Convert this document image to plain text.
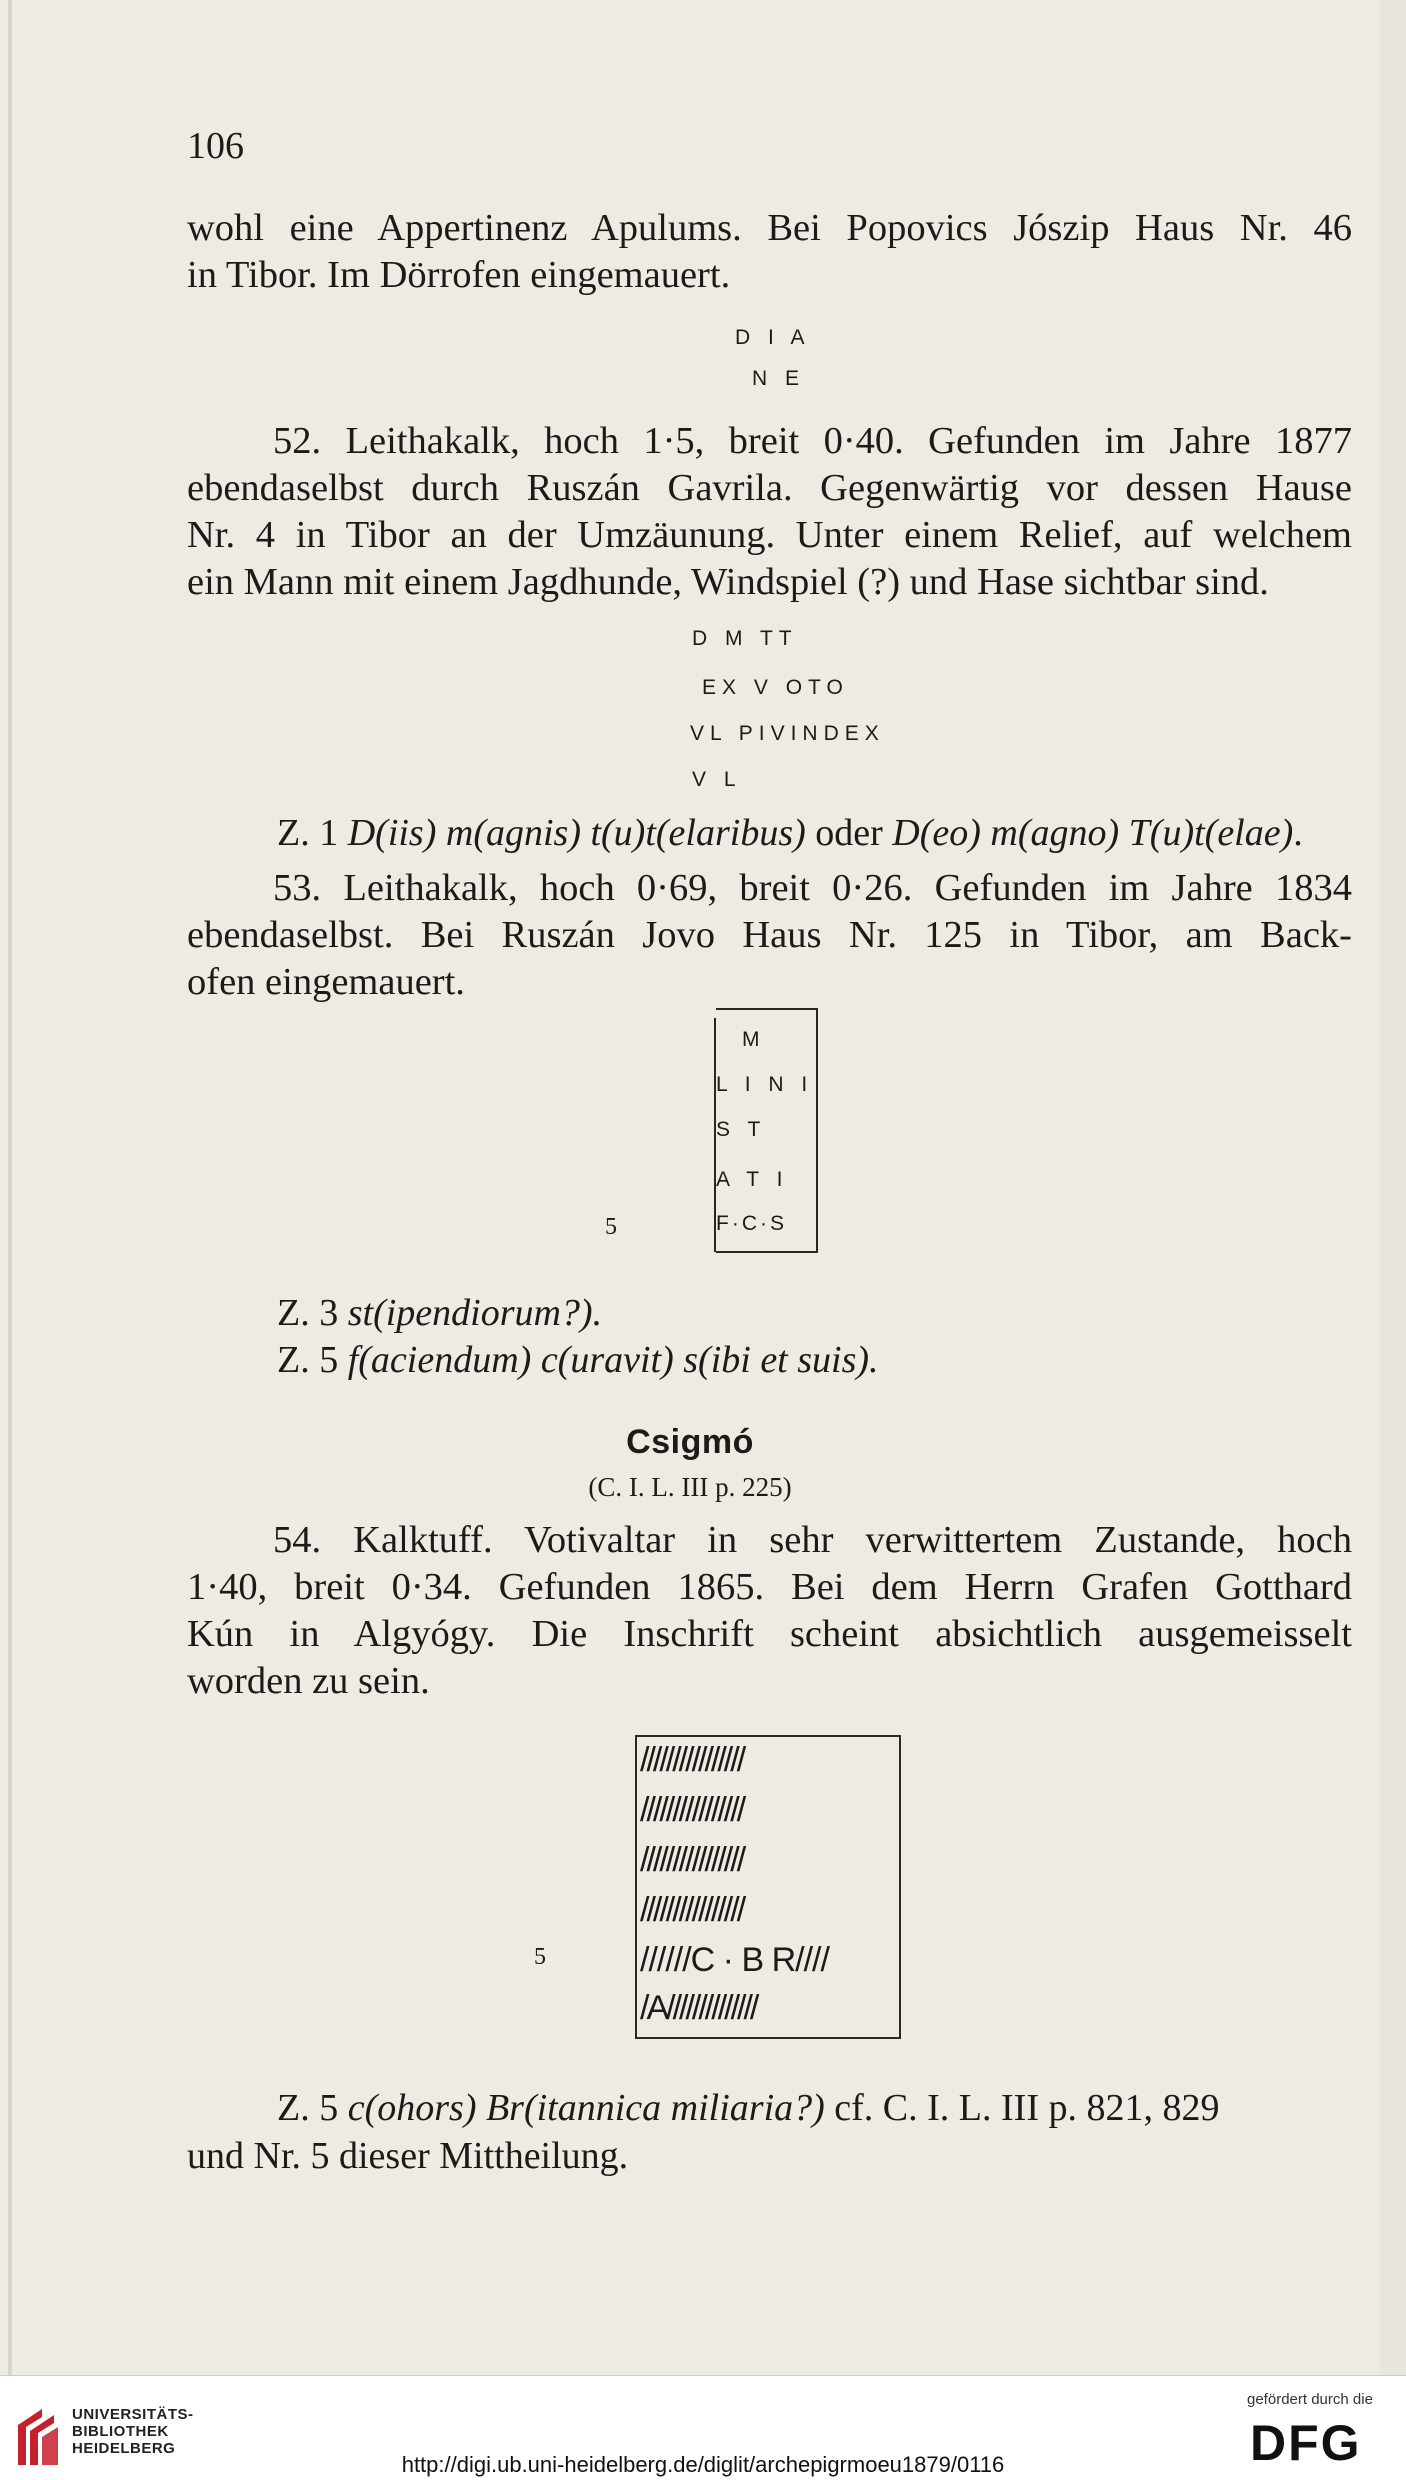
106
wohl eine Appertinenz Apulums. Bei Popovics Jószip Haus Nr. 46
in Tibor. Im Dörrofen eingemauert.
D I A
N E
52. Leithakalk, hoch 1·5, breit 0·40. Gefunden im Jahre 1877
ebendaselbst durch Ruszán Gavrila. Gegenwärtig vor dessen Hause
Nr. 4 in Tibor an der Umzäunung. Unter einem Relief, auf welchem
ein Mann mit einem Jagdhunde, Windspiel (?) und Hase sichtbar sind.
D M TT
EX V OTO
VL PIVINDEX
V L
Z. 1 D(iis) m(agnis) t(u)t(elaribus) oder D(eo) m(agno) T(u)t(elae).
53. Leithakalk, hoch 0·69, breit 0·26. Gefunden im Jahre 1834
ebendaselbst. Bei Ruszán Jovo Haus Nr. 125 in Tibor, am Back-
ofen eingemauert.
M
L I N I
S T
A T I
F·C·S
5
Z. 3 st(ipendiorum?).
Z. 5 f(aciendum) c(uravit) s(ibi et suis).
Csigmó
(C. I. L. III p. 225)
54. Kalktuff. Votivaltar in sehr verwittertem Zustande, hoch
1·40, breit 0·34. Gefunden 1865. Bei dem Herrn Grafen Gotthard
Kún in Algyógy. Die Inschrift scheint absichtlich ausgemeisselt
worden zu sein.
////////////////
////////////////
////////////////
////////////////
//////C · B R////
/A//////////////
5
Z. 5 c(ohors) Br(itannica miliaria?) cf. C. I. L. III p. 821, 829
und Nr. 5 dieser Mittheilung.
UNIVERSITÄTS-
BIBLIOTHEK
HEIDELBERG
http://digi.ub.uni-heidelberg.de/diglit/archepigrmoeu1879/0116
gefördert durch die
DFG
